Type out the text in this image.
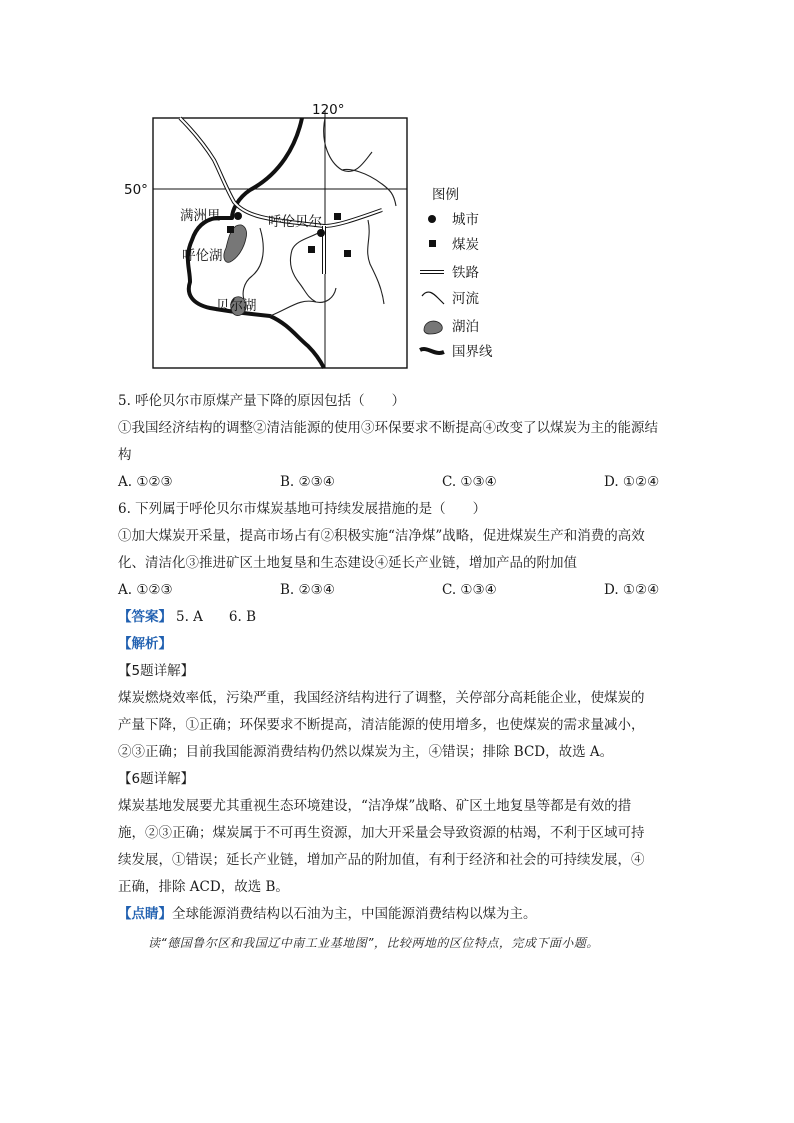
120°
50°
满洲里	呼伦贝尔
呼伦湖
贝尔湖
图例
城市
煤炭
铁路
河流
湖泊
国界线
5. 呼伦贝尔市原煤产量下降的原因包括（　　）
①我国经济结构的调整②清洁能源的使用③环保要求不断提高④改变了以煤炭为主的能源结
构
A. ①②③	B. ②③④	C. ①③④	D. ①②④
6. 下列属于呼伦贝尔市煤炭基地可持续发展措施的是（　　）
①加大煤炭开采量，提高市场占有②积极实施“洁净煤”战略，促进煤炭生产和消费的高效
化、清洁化③推进矿区土地复垦和生态建设④延长产业链，增加产品的附加值
A. ①②③	B. ②③④	C. ①③④	D. ①②④
【答案】 5. A 6. B
【解析】
【5题详解】
煤炭燃烧效率低，污染严重，我国经济结构进行了调整，关停部分高耗能企业，使煤炭的
产量下降，①正确；环保要求不断提高，清洁能源的使用增多，也使煤炭的需求量减小，
②③正确；目前我国能源消费结构仍然以煤炭为主，④错误；排除 BCD，故选 A。
【6题详解】
煤炭基地发展要尤其重视生态环境建设，“洁净煤”战略、矿区土地复垦等都是有效的措
施，②③正确；煤炭属于不可再生资源，加大开采量会导致资源的枯竭，不利于区域可持
续发展，①错误；延长产业链，增加产品的附加值，有利于经济和社会的可持续发展，④
正确，排除 ACD，故选 B。
【点睛】全球能源消费结构以石油为主，中国能源消费结构以煤为主。
读“德国鲁尔区和我国辽中南工业基地图”，比较两地的区位特点，完成下面小题。
